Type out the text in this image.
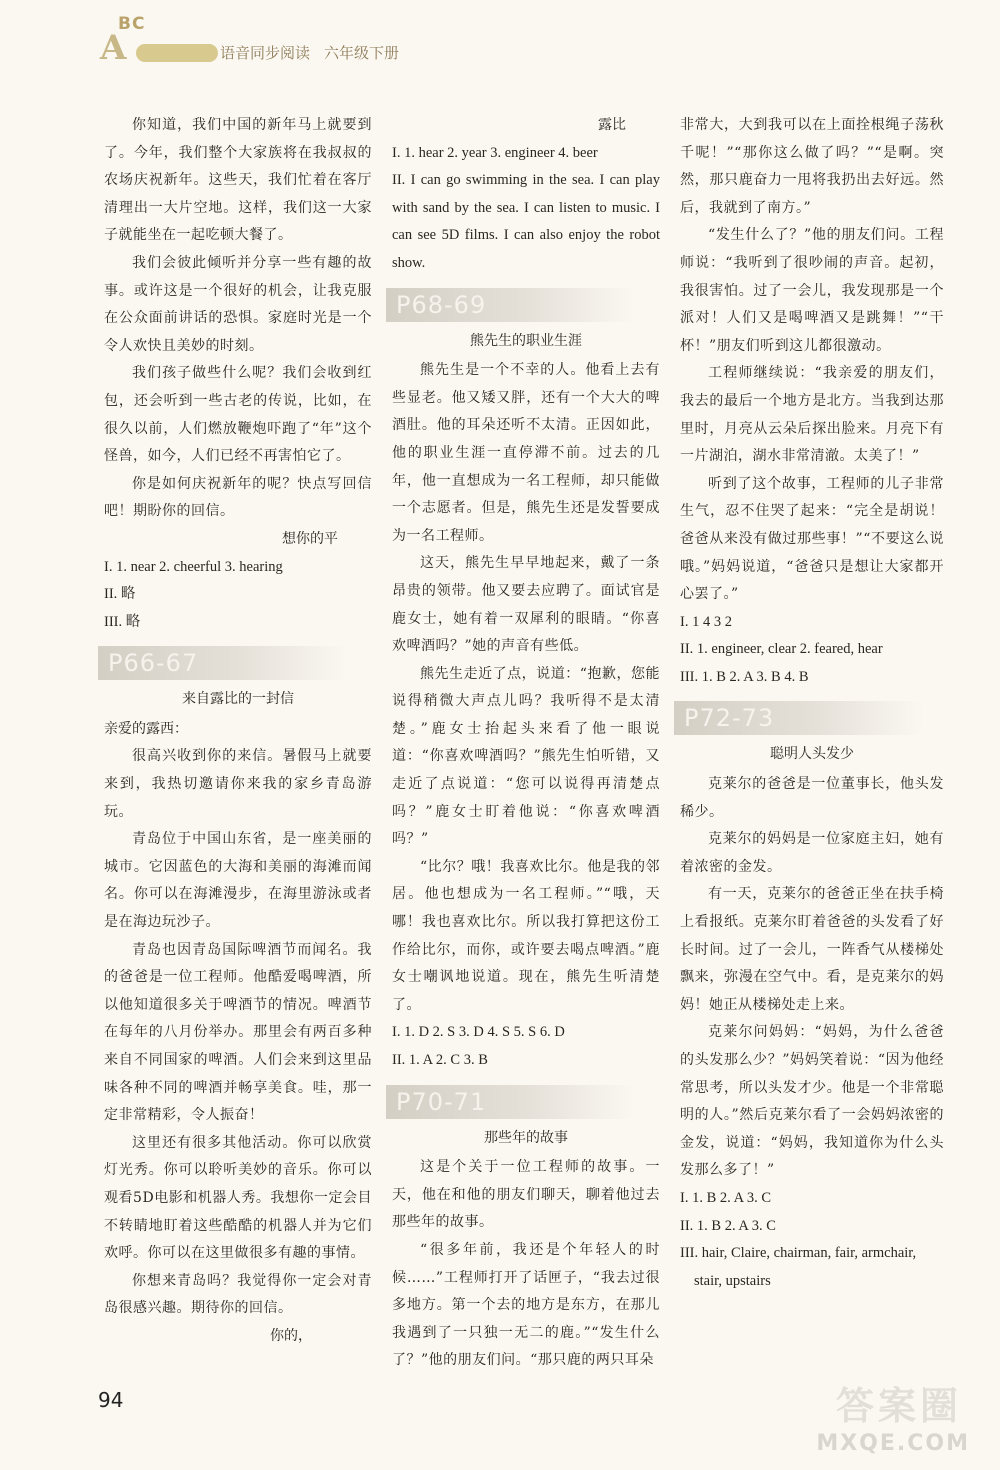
BC
A	语音同步阅读 六年级下册
你知道，我们中国的新年马上就要到了。今年，我们整个大家族将在我叔叔的农场庆祝新年。这些天，我们忙着在客厅清理出一大片空地。这样，我们这一大家子就能坐在一起吃顿大餐了。
我们会彼此倾听并分享一些有趣的故事。或许这是一个很好的机会，让我克服在公众面前讲话的恐惧。家庭时光是一个令人欢快且美妙的时刻。
我们孩子做些什么呢？我们会收到红包，还会听到一些古老的传说，比如，在很久以前，人们燃放鞭炮吓跑了“年”这个怪兽，如今，人们已经不再害怕它了。
你是如何庆祝新年的呢？快点写回信吧！期盼你的回信。
想你的平
I. 1. near 2. cheerful 3. hearing
II. 略
III. 略
P66-67
来自露比的一封信
亲爱的露西：
很高兴收到你的来信。暑假马上就要来到，我热切邀请你来我的家乡青岛游玩。
青岛位于中国山东省，是一座美丽的城市。它因蓝色的大海和美丽的海滩而闻名。你可以在海滩漫步，在海里游泳或者是在海边玩沙子。
青岛也因青岛国际啤酒节而闻名。我的爸爸是一位工程师。他酷爱喝啤酒，所以他知道很多关于啤酒节的情况。啤酒节在每年的八月份举办。那里会有两百多种来自不同国家的啤酒。人们会来到这里品味各种不同的啤酒并畅享美食。哇，那一定非常精彩，令人振奋！
这里还有很多其他活动。你可以欣赏灯光秀。你可以聆听美妙的音乐。你可以观看5D电影和机器人秀。我想你一定会目不转睛地盯着这些酷酷的机器人并为它们欢呼。你可以在这里做很多有趣的事情。
你想来青岛吗？我觉得你一定会对青岛很感兴趣。期待你的回信。
你的，
露比
I. 1. hear 2. year 3. engineer 4. beer
II. I can go swimming in the sea. I can play with sand by the sea. I can listen to music. I can see 5D films. I can also enjoy the robot show.
P68-69
熊先生的职业生涯
熊先生是一个不幸的人。他看上去有些显老。他又矮又胖，还有一个大大的啤酒肚。他的耳朵还听不太清。正因如此，他的职业生涯一直停滞不前。过去的几年，他一直想成为一名工程师，却只能做一个志愿者。但是，熊先生还是发誓要成为一名工程师。
这天，熊先生早早地起来，戴了一条昂贵的领带。他又要去应聘了。面试官是鹿女士，她有着一双犀利的眼睛。“你喜欢啤酒吗？”她的声音有些低。
熊先生走近了点，说道：“抱歉，您能说得稍微大声点儿吗？我听得不是太清楚。”鹿女士抬起头来看了他一眼说道：“你喜欢啤酒吗？”熊先生怕听错，又走近了点说道：“您可以说得再清楚点吗？”鹿女士盯着他说：“你喜欢啤酒吗？”
“比尔？哦！我喜欢比尔。他是我的邻居。他也想成为一名工程师。”“哦，天哪！我也喜欢比尔。所以我打算把这份工作给比尔，而你，或许要去喝点啤酒。”鹿女士嘲讽地说道。现在，熊先生听清楚了。
I. 1. D 2. S 3. D 4. S 5. S 6. D
II. 1. A 2. C 3. B
P70-71
那些年的故事
这是个关于一位工程师的故事。一天，他在和他的朋友们聊天，聊着他过去那些年的故事。
“很多年前，我还是个年轻人的时候……”工程师打开了话匣子，“我去过很多地方。第一个去的地方是东方，在那儿我遇到了一只独一无二的鹿。”“发生什么了？”他的朋友们问。“那只鹿的两只耳朵
非常大，大到我可以在上面拴根绳子荡秋千呢！”“那你这么做了吗？”“是啊。突然，那只鹿奋力一甩将我扔出去好远。然后，我就到了南方。”
“发生什么了？”他的朋友们问。工程师说：“我听到了很吵闹的声音。起初，我很害怕。过了一会儿，我发现那是一个派对！人们又是喝啤酒又是跳舞！”“干杯！”朋友们听到这儿都很激动。
工程师继续说：“我亲爱的朋友们，我去的最后一个地方是北方。当我到达那里时，月亮从云朵后探出脸来。月亮下有一片湖泊，湖水非常清澈。太美了！”
听到了这个故事，工程师的儿子非常生气，忍不住哭了起来：“完全是胡说！爸爸从来没有做过那些事！”“不要这么说哦。”妈妈说道，“爸爸只是想让大家都开心罢了。”
I. 1 4 3 2
II. 1. engineer, clear 2. feared, hear
III. 1. B 2. A 3. B 4. B
P72-73
聪明人头发少
克莱尔的爸爸是一位董事长，他头发稀少。
克莱尔的妈妈是一位家庭主妇，她有着浓密的金发。
有一天，克莱尔的爸爸正坐在扶手椅上看报纸。克莱尔盯着爸爸的头发看了好长时间。过了一会儿，一阵香气从楼梯处飘来，弥漫在空气中。看，是克莱尔的妈妈！她正从楼梯处走上来。
克莱尔问妈妈：“妈妈，为什么爸爸的头发那么少？”妈妈笑着说：“因为他经常思考，所以头发才少。他是一个非常聪明的人。”然后克莱尔看了一会妈妈浓密的金发，说道：“妈妈，我知道你为什么头发那么多了！”
I. 1. B 2. A 3. C
II. 1. B 2. A 3. C
III. hair, Claire, chairman, fair, armchair,
stair, upstairs
94	答案圈
MXQE.COM
